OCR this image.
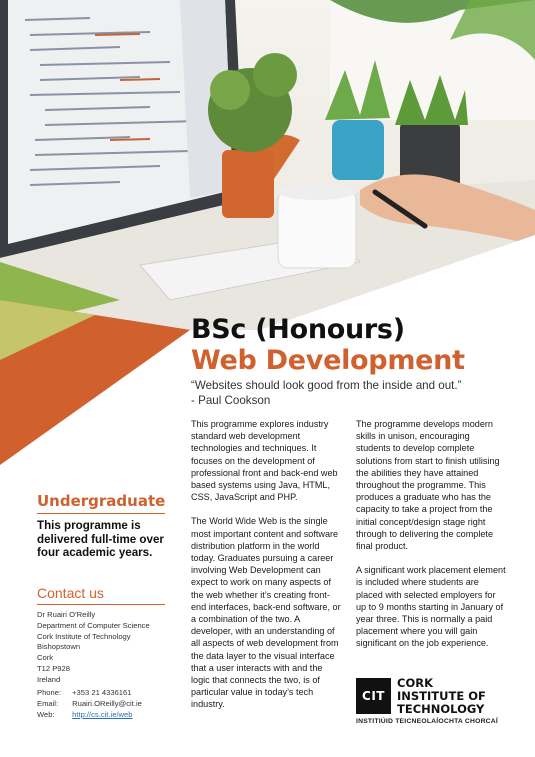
BSc (Honours)
Web Development
“Websites should look good from the inside and out.”
- Paul Cookson

This programme explores industry standard web development technologies and techniques. It focuses on the development of professional front and back-end web based systems using Java, HTML, CSS, JavaScript and PHP.

The World Wide Web is the single most important content and software distribution platform in the world today. Graduates pursuing a career involving Web Development can expect to work on many aspects of the web whether it’s creating front-end interfaces, back-end software, or a combination of the two. A developer, with an understanding of all aspects of web development from the data layer to the visual interface that a user interacts with and the logic that connects the two, is of particular value in today’s tech industry.

The programme develops modern skills in unison, encouraging students to develop complete solutions from start to finish utilising the abilities they have attained throughout the programme. This produces a graduate who has the capacity to take a project from the initial concept/design stage right through to delivering the complete final product.

A significant work placement element is included where students are placed with selected employers for up to 9 months starting in January of year three. This is normally a paid placement where you will gain significant on the job experience.

Undergraduate
This programme is delivered full-time over four academic years.
Contact us
Dr Ruairi O’Reilly
Department of Computer Science
Cork Institute of Technology
Bishopstown
Cork
T12 P928
Ireland
Phone: +353 21 4336161
Email: Ruairi.OReilly@cit.ie
Web: http://cs.cit.ie/web
CIT
CORK
INSTITUTE OF
TECHNOLOGY
INSTITIÚID TEICNEOLAÍOCHTA CHORCAÍ
